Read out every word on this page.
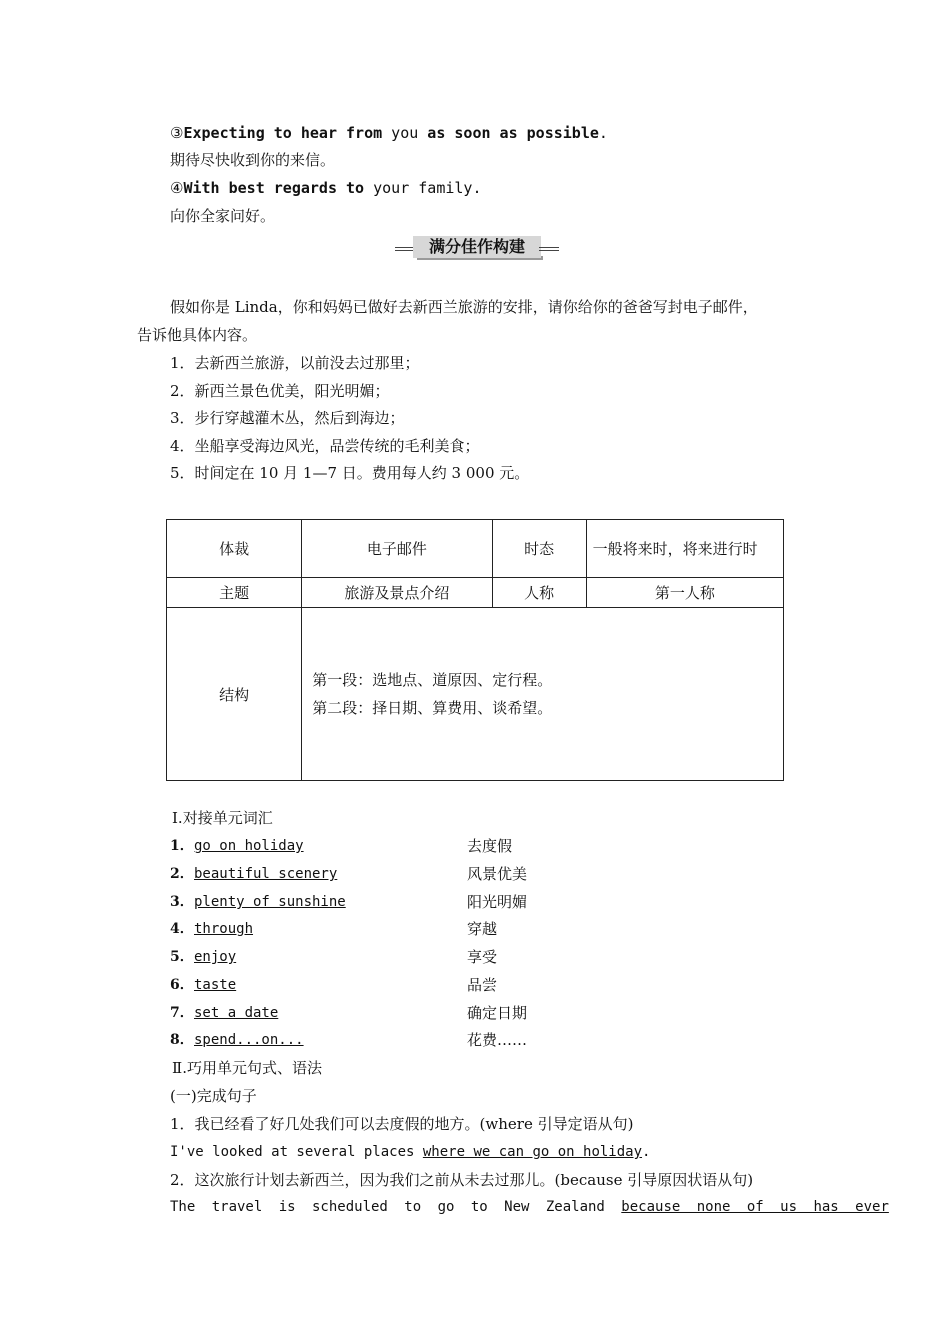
③Expecting to hear from you as soon as possible.
期待尽快收到你的来信。
④With best regards to your family.
向你全家问好。
满分佳作构建
假如你是 Linda，你和妈妈已做好去新西兰旅游的安排，请你给你的爸爸写封电子邮件，
告诉他具体内容。
1．去新西兰旅游，以前没去过那里；
2．新西兰景色优美，阳光明媚；
3．步行穿越灌木丛，然后到海边；
4．坐船享受海边风光，品尝传统的毛利美食；
5．时间定在 10 月 1—7 日。费用每人约 3 000 元。
体裁	电子邮件	时态	一般将来时，将来进行时
主题	旅游及景点介绍	人称	第一人称
结构	第一段：选地点、道原因、定行程。
第二段：择日期、算费用、谈希望。		
Ⅰ.对接单元词汇
1． go on holiday	去度假
2． beautiful scenery	风景优美
3． plenty of sunshine	阳光明媚
4． through	穿越
5． enjoy	享受
6． taste	品尝
7． set a date	确定日期
8． spend...on...	花费……
Ⅱ.巧用单元句式、语法
(一)完成句子
1．我已经看了好几处我们可以去度假的地方。(where 引导定语从句)
I've looked at several places where we can go on holiday.
2．这次旅行计划去新西兰，因为我们之前从未去过那儿。(because 引导原因状语从句)
The travel is scheduled to go to New Zealand because none of us has ever
